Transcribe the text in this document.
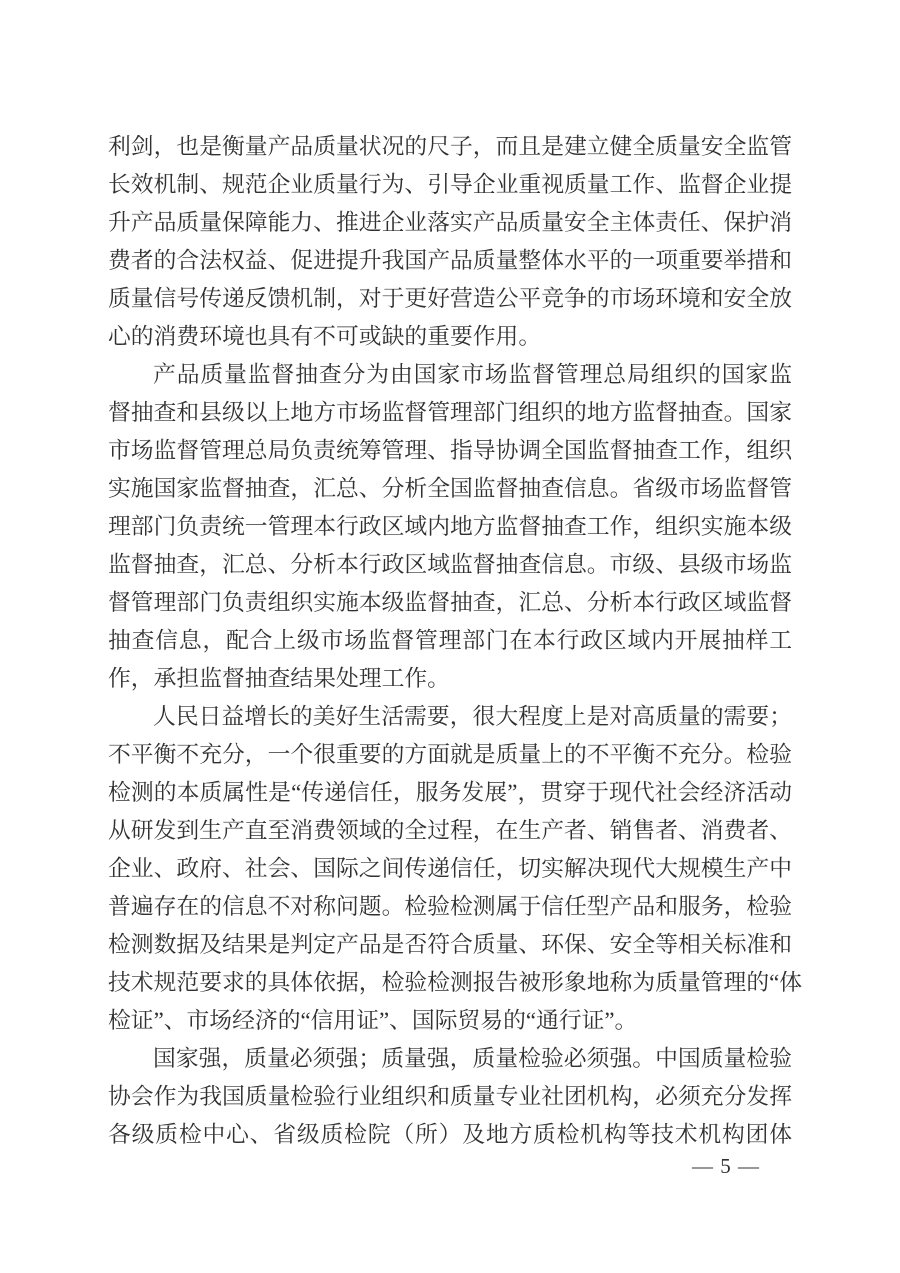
利剑，也是衡量产品质量状况的尺子，而且是建立健全质量安全监管
长效机制、规范企业质量行为、引导企业重视质量工作、监督企业提
升产品质量保障能力、推进企业落实产品质量安全主体责任、保护消
费者的合法权益、促进提升我国产品质量整体水平的一项重要举措和
质量信号传递反馈机制，对于更好营造公平竞争的市场环境和安全放
心的消费环境也具有不可或缺的重要作用。
产品质量监督抽查分为由国家市场监督管理总局组织的国家监
督抽查和县级以上地方市场监督管理部门组织的地方监督抽查。国家
市场监督管理总局负责统筹管理、指导协调全国监督抽查工作，组织
实施国家监督抽查，汇总、分析全国监督抽查信息。省级市场监督管
理部门负责统一管理本行政区域内地方监督抽查工作，组织实施本级
监督抽查，汇总、分析本行政区域监督抽查信息。市级、县级市场监
督管理部门负责组织实施本级监督抽查，汇总、分析本行政区域监督
抽查信息，配合上级市场监督管理部门在本行政区域内开展抽样工
作，承担监督抽查结果处理工作。
人民日益增长的美好生活需要，很大程度上是对高质量的需要；
不平衡不充分，一个很重要的方面就是质量上的不平衡不充分。检验
检测的本质属性是“传递信任，服务发展”，贯穿于现代社会经济活动
从研发到生产直至消费领域的全过程，在生产者、销售者、消费者、
企业、政府、社会、国际之间传递信任，切实解决现代大规模生产中
普遍存在的信息不对称问题。检验检测属于信任型产品和服务，检验
检测数据及结果是判定产品是否符合质量、环保、安全等相关标准和
技术规范要求的具体依据，检验检测报告被形象地称为质量管理的“体
检证”、市场经济的“信用证”、国际贸易的“通行证”。
国家强，质量必须强；质量强，质量检验必须强。中国质量检验
协会作为我国质量检验行业组织和质量专业社团机构，必须充分发挥
各级质检中心、省级质检院（所）及地方质检机构等技术机构团体
— 5 —
